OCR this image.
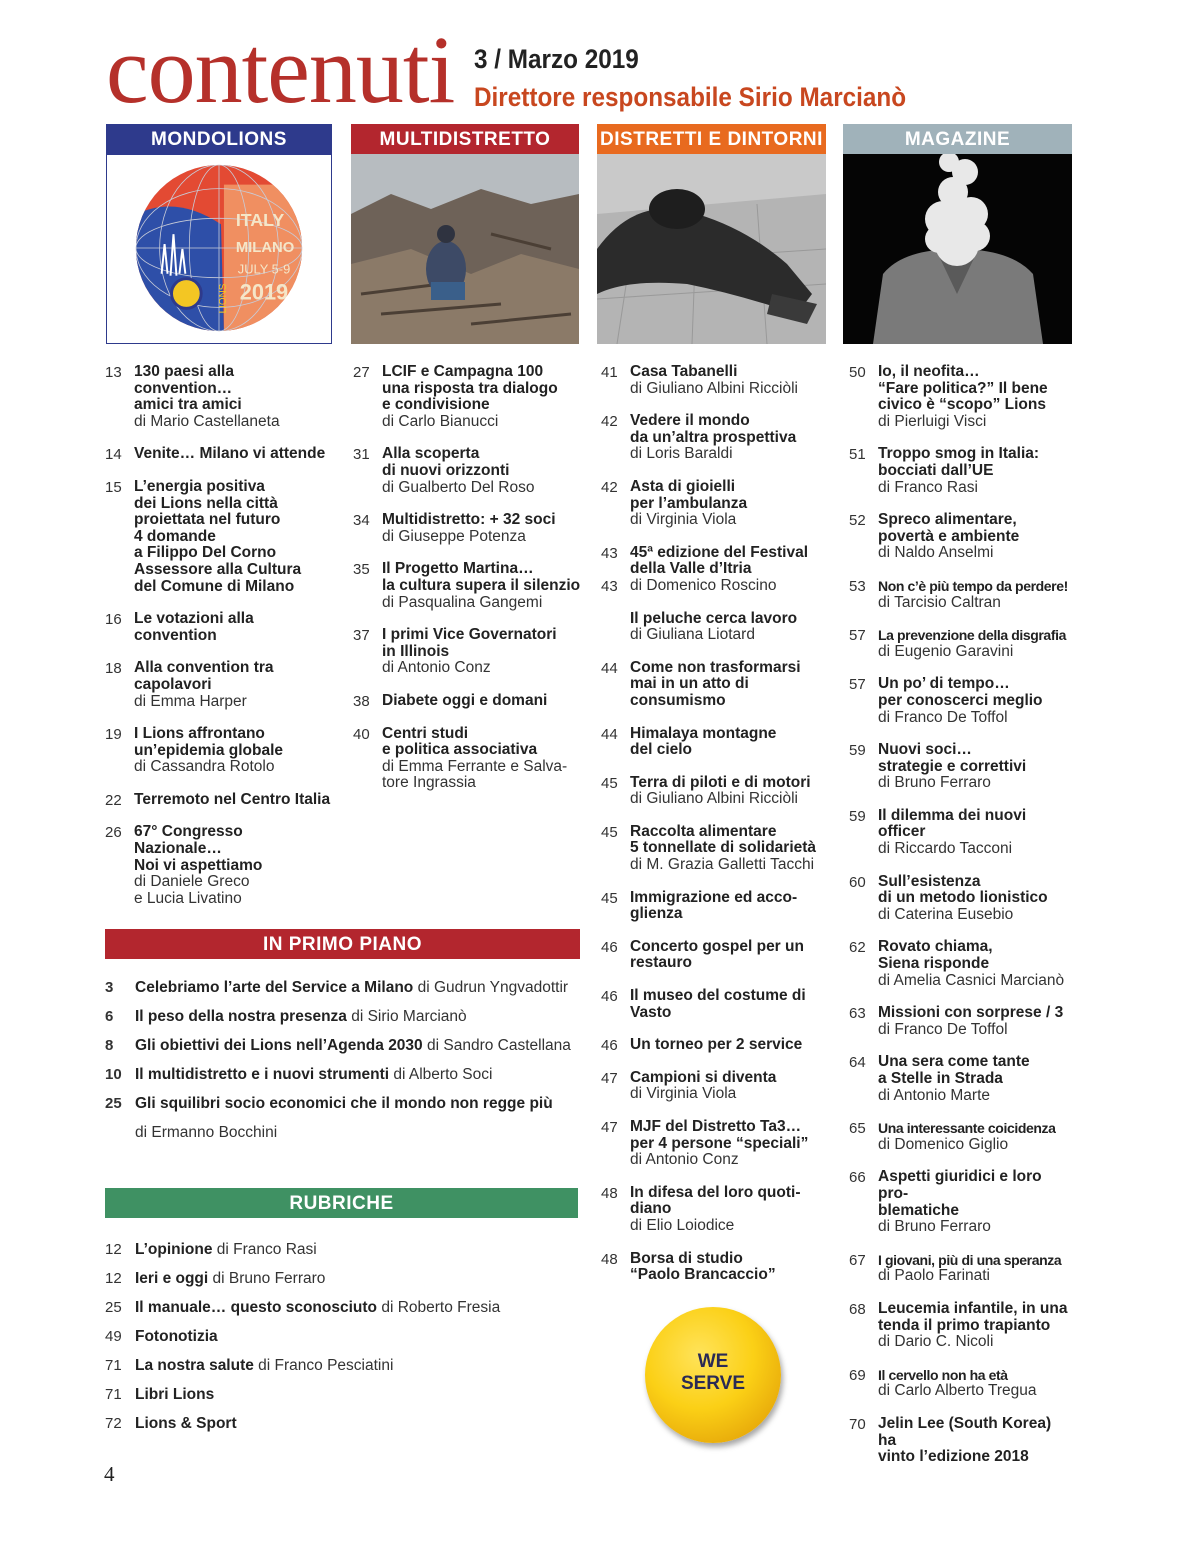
contenuti 3 / Marzo 2019
Direttore responsabile Sirio Marcianò
MONDOLIONS	MULTIDISTRETTO	DISTRETTI E DINTORNI	MAGAZINE
ITALY
MILANO
JULY 5-9
2019
LIONS
13 130 paesi alla convention…
amici tra amici
di Mario Castellaneta
14 Venite… Milano vi attende
15 L’energia positiva
dei Lions nella città
proiettata nel futuro
4 domande
a Filippo Del Corno
Assessore alla Cultura
del Comune di Milano
16 Le votazioni alla convention
18 Alla convention tra capolavori
di Emma Harper
19 I Lions affrontano
un’epidemia globale
di Cassandra Rotolo
22 Terremoto nel Centro Italia
26 67° Congresso Nazionale…
Noi vi aspettiamo
di Daniele Greco
e Lucia Livatino
27 LCIF e Campagna 100
una risposta tra dialogo
e condivisione
di Carlo Bianucci
31 Alla scoperta
di nuovi orizzonti
di Gualberto Del Roso
34 Multidistretto: + 32 soci
di Giuseppe Potenza
35 Il Progetto Martina…
la cultura supera il silenzio
di Pasqualina Gangemi
37 I primi Vice Governatori
in Illinois
di Antonio Conz
38 Diabete oggi e domani
40 Centri studi
e politica associativa
di Emma Ferrante e Salva-
tore Ingrassia
41 Casa Tabanelli
di Giuliano Albini Ricciòli
42 Vedere il mondo
da un’altra prospettiva
di Loris Baraldi
42 Asta di gioielli
per l’ambulanza
di Virginia Viola
43 45ª edizione del Festival
della Valle d’Itria
43 di Domenico Roscino
Il peluche cerca lavoro
di Giuliana Liotard
44 Come non trasformarsi
mai in un atto di consumismo
44 Himalaya montagne
del cielo
45 Terra di piloti e di motori
di Giuliano Albini Ricciòli
45 Raccolta alimentare
5 tonnellate di solidarietà
di M. Grazia Galletti Tacchi
45 Immigrazione ed acco-
glienza
46 Concerto gospel per un
restauro
46 Il museo del costume di
Vasto
46 Un torneo per 2 service
47 Campioni si diventa
di Virginia Viola
47 MJF del Distretto Ta3…
per 4 persone “speciali”
di Antonio Conz
48 In difesa del loro quoti-
diano
di Elio Loiodice
48 Borsa di studio
“Paolo Brancaccio”
50 Io, il neofita…
“Fare politica?” Il bene
civico è “scopo” Lions
di Pierluigi Visci
51 Troppo smog in Italia:
bocciati dall’UE
di Franco Rasi
52 Spreco alimentare,
povertà e ambiente
di Naldo Anselmi
53 Non c’è più tempo da perdere!
di Tarcisio Caltran
57 La prevenzione della disgrafia
di Eugenio Garavini
57 Un po’ di tempo…
per conoscerci meglio
di Franco De Toffol
59 Nuovi soci…
strategie e correttivi
di Bruno Ferraro
59 Il dilemma dei nuovi officer
di Riccardo Tacconi
60 Sull’esistenza
di un metodo lionistico
di Caterina Eusebio
62 Rovato chiama,
Siena risponde
di Amelia Casnici Marcianò
63 Missioni con sorprese / 3
di Franco De Toffol
64 Una sera come tante
a Stelle in Strada
di Antonio Marte
65 Una interessante coicidenza
di Domenico Giglio
66 Aspetti giuridici e loro pro-
blematiche
di Bruno Ferraro
67 I giovani, più di una speranza
di Paolo Farinati
68 Leucemia infantile, in una
tenda il primo trapianto
di Dario C. Nicoli
69 Il cervello non ha età
di Carlo Alberto Tregua
70 Jelin Lee (South Korea) ha
vinto l’edizione 2018
IN PRIMO PIANO
3	Celebriamo l’arte del Service a Milano di Gudrun Yngvadottir
6	Il peso della nostra presenza di Sirio Marcianò
8	Gli obiettivi dei Lions nell’Agenda 2030 di Sandro Castellana
10 Il multidistretto e i nuovi strumenti di Alberto Soci
25 Gli squilibri socio economici che il mondo non regge più
di Ermanno Bocchini
RUBRICHE
12 L’opinione di Franco Rasi
12 Ieri e oggi di Bruno Ferraro
25 Il manuale… questo sconosciuto di Roberto Fresia
49 Fotonotizia
71 La nostra salute di Franco Pesciatini
71 Libri Lions
72 Lions & Sport
WE
SERVE
4
